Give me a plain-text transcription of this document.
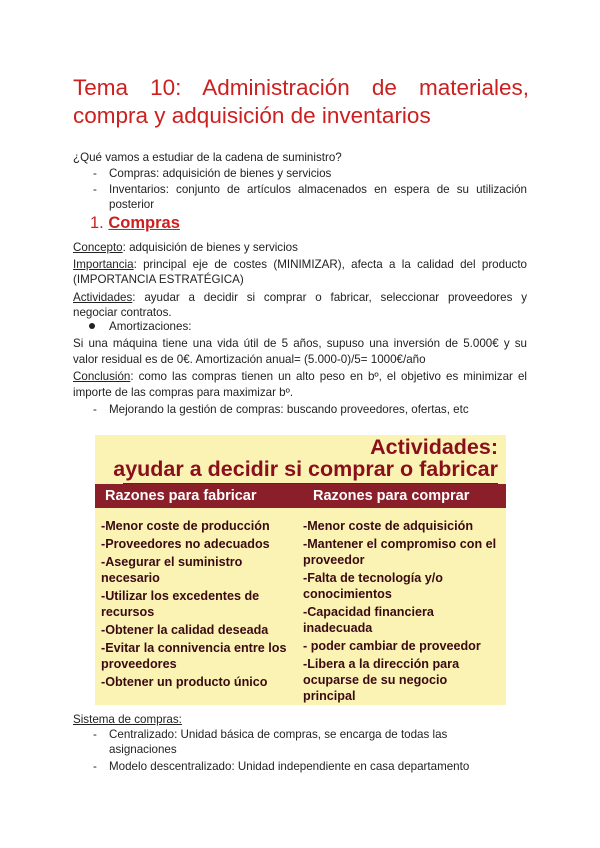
Tema 10: Administración de materiales,
compra y adquisición de inventarios
¿Qué vamos a estudiar de la cadena de suministro?
- Compras: adquisición de bienes y servicios
- Inventarios: conjunto de artículos almacenados en espera de su utilización
posterior
1. Compras
Concepto: adquisición de bienes y servicios
Importancia: principal eje de costes (MINIMIZAR), afecta a la calidad del producto
(IMPORTANCIA ESTRATÉGICA)
Actividades: ayudar a decidir si comprar o fabricar, seleccionar proveedores y
negociar contratos.
Amortizaciones:
Si una máquina tiene una vida útil de 5 años, supuso una inversión de 5.000€ y su
valor residual es de 0€. Amortización anual= (5.000-0)/5= 1000€/año
Conclusión: como las compras tienen un alto peso en bº, el objetivo es minimizar el
importe de las compras para maximizar bº.
- Mejorando la gestión de compras: buscando proveedores, ofertas, etc
Actividades:
ayudar a decidir si comprar o fabricar
Razones para fabricar	Razones para comprar
-Menor coste de producción
-Proveedores no adecuados
-Asegurar el suministro necesario
-Utilizar los excedentes de recursos
-Obtener la calidad deseada
-Evitar la connivencia entre los proveedores
-Obtener un producto único
-Menor coste de adquisición
-Mantener el compromiso con el proveedor
-Falta de tecnología y/o conocimientos
-Capacidad financiera inadecuada
- poder cambiar de proveedor
-Libera a la dirección para ocuparse de su negocio principal
Sistema de compras:
- Centralizado: Unidad básica de compras, se encarga de todas las
asignaciones
- Modelo descentralizado: Unidad independiente en casa departamento
